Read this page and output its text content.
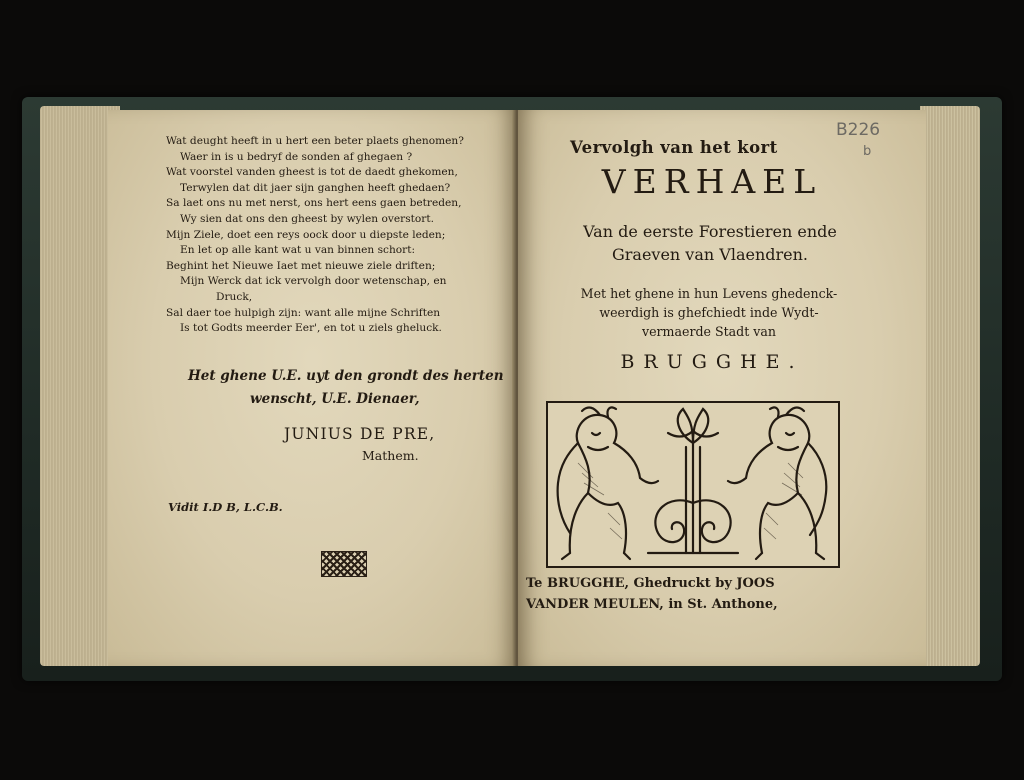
Wat deught heeft in u hert een beter plaets ghenomen?
Waer in is u bedryf de sonden af ghegaen ?
Wat voorstel vanden gheest is tot de daedt ghekomen,
Terwylen dat dit jaer sijn ganghen heeft ghedaen?
Sa laet ons nu met nerst, ons hert eens gaen betreden,
Wy sien dat ons den gheest by wylen overstort.
Mijn Ziele, doet een reys oock door u diepste leden;
En let op alle kant wat u van binnen schort:
Beghint het Nieuwe Iaet met nieuwe ziele driften;
Mijn Werck dat ick vervolgh door wetenschap, en
Druck,
Sal daer toe hulpigh zijn: want alle mijne Schriften
Is tot Godts meerder Eer', en tot u ziels gheluck.
Het ghene U.E. uyt den grondt des herten
wenscht, U.E. Dienaer,
JUNIUS DE PRE,
Mathem.
Vidit I.D B, L.C.B.
B226
b
Vervolgh van het kort
VERHAEL
Van de eerste Forestieren ende
Graeven van Vlaendren.
Met het ghene in hun Levens ghedenck-
weerdigh is ghefchiedt inde Wydt-
vermaerde Stadt van
BRUGGHE.
Te BRUGGHE, Ghedruckt by JOOS
VANDER MEULEN, in St. Anthone,
